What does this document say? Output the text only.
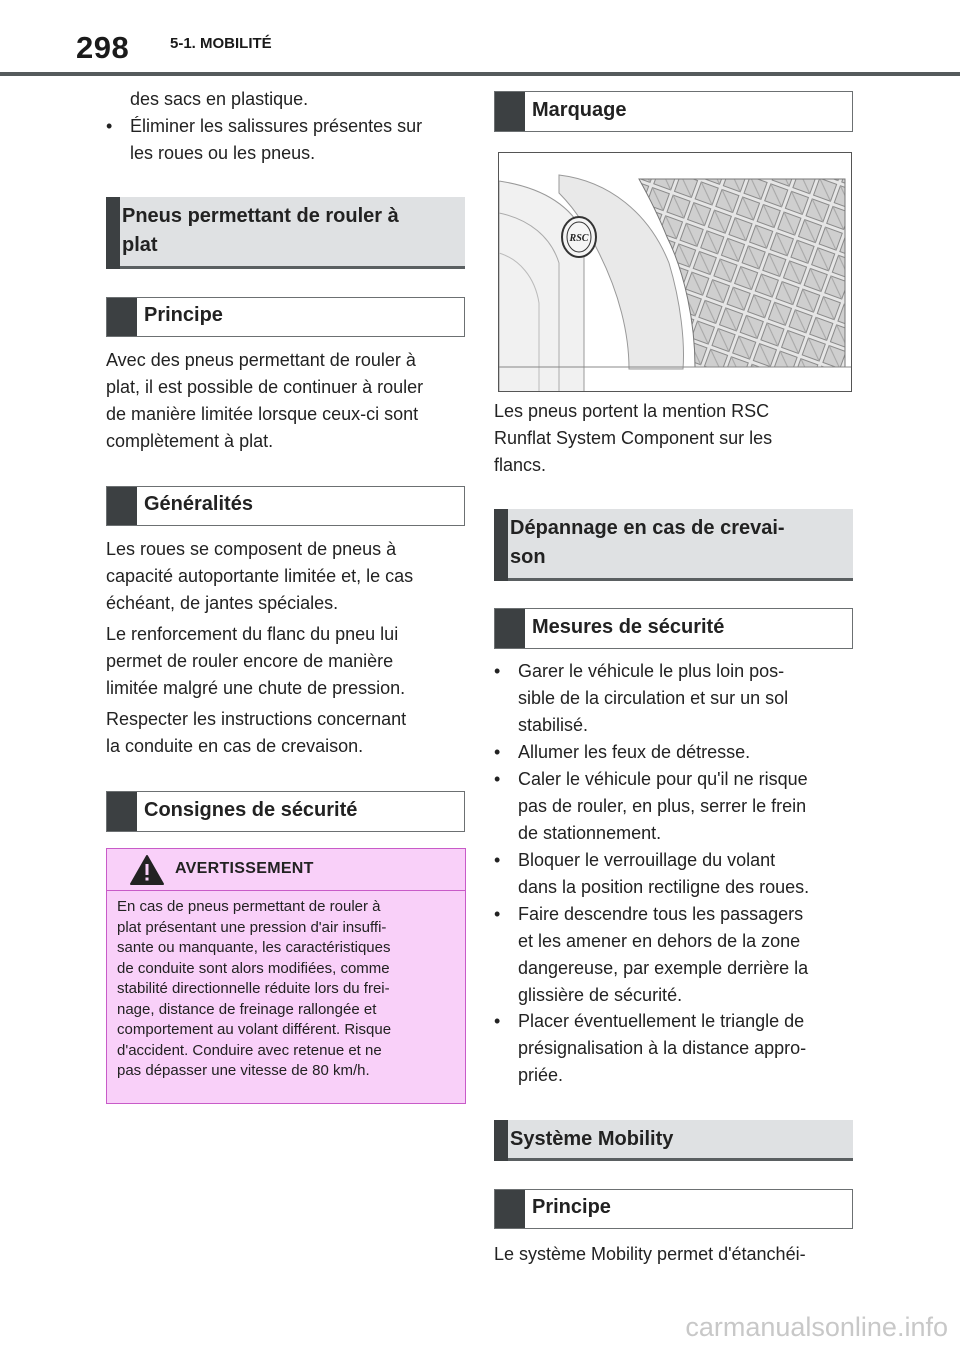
298	5-1. MOBILITÉ
des sacs en plastique.
• Éliminer les salissures présentes sur
les roues ou les pneus.
Pneus permettant de rouler à
plat
Principe
Avec des pneus permettant de rouler à
plat, il est possible de continuer à rouler
de manière limitée lorsque ceux-ci sont
complètement à plat.
Généralités
Les roues se composent de pneus à
capacité autoportante limitée et, le cas
échéant, de jantes spéciales.
Le renforcement du flanc du pneu lui
permet de rouler encore de manière
limitée malgré une chute de pression.
Respecter les instructions concernant
la conduite en cas de crevaison.
Consignes de sécurité
AVERTISSEMENT
En cas de pneus permettant de rouler à
plat présentant une pression d'air insuffi-
sante ou manquante, les caractéristiques
de conduite sont alors modifiées, comme
stabilité directionnelle réduite lors du frei-
nage, distance de freinage rallongée et
comportement au volant différent. Risque
d'accident. Conduire avec retenue et ne
pas dépasser une vitesse de 80 km/h.
Marquage
RSC
Les pneus portent la mention RSC
Runflat System Component sur les
flancs.
Dépannage en cas de crevai-
son
Mesures de sécurité
• Garer le véhicule le plus loin pos-
sible de la circulation et sur un sol
stabilisé.
• Allumer les feux de détresse.
• Caler le véhicule pour qu'il ne risque
pas de rouler, en plus, serrer le frein
de stationnement.
• Bloquer le verrouillage du volant
dans la position rectiligne des roues.
• Faire descendre tous les passagers
et les amener en dehors de la zone
dangereuse, par exemple derrière la
glissière de sécurité.
• Placer éventuellement le triangle de
présignalisation à la distance appro-
priée.
Système Mobility
Principe
Le système Mobility permet d'étanchéi-
carmanualsonline.info
